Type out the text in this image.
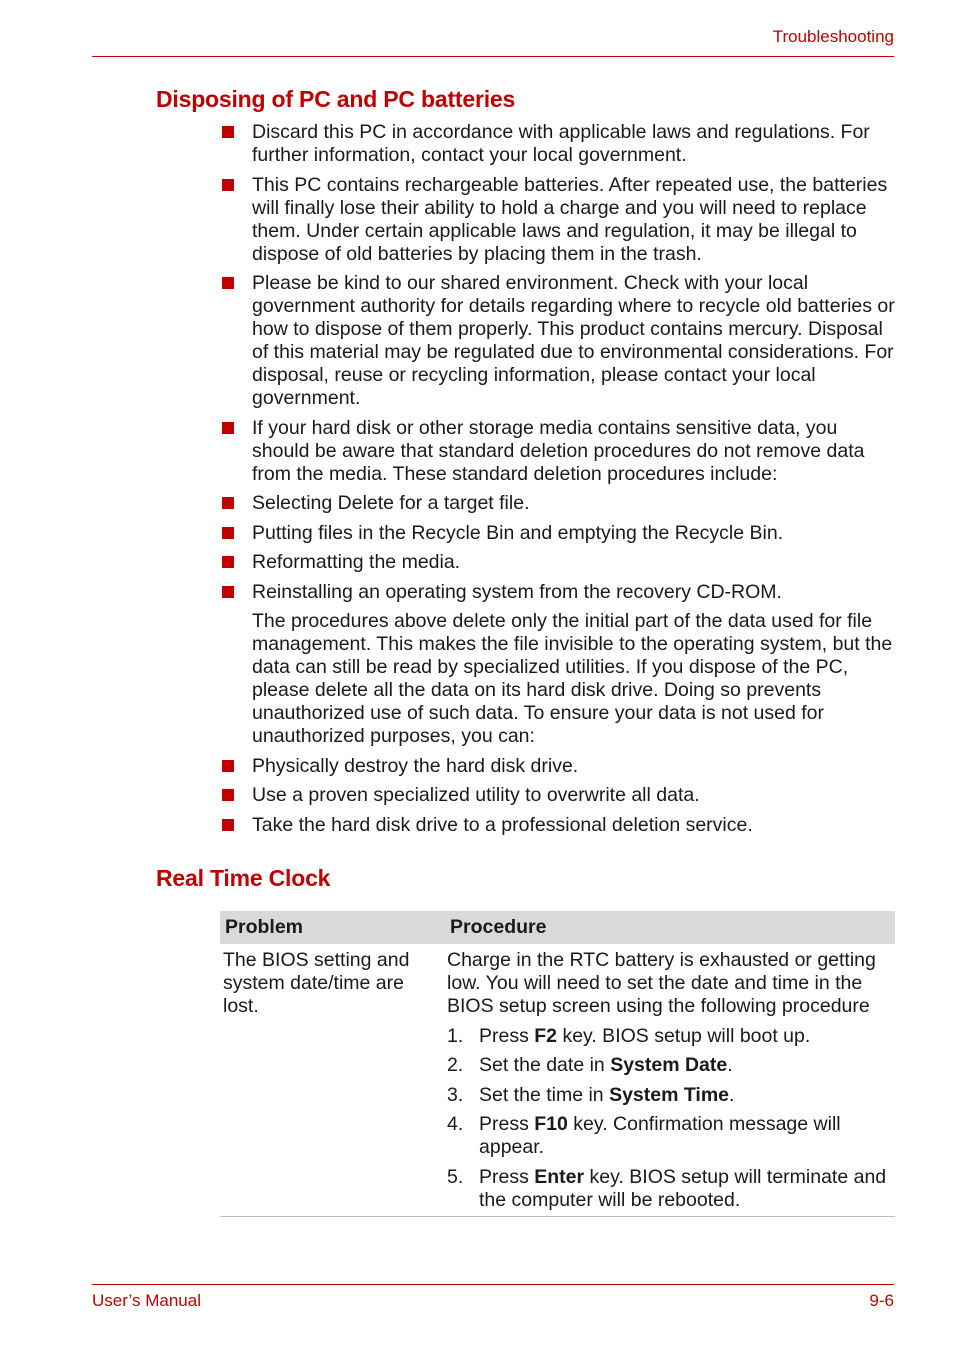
Troubleshooting
Disposing of PC and PC batteries
Discard this PC in accordance with applicable laws and regulations. For further information, contact your local government.
This PC contains rechargeable batteries. After repeated use, the batteries will finally lose their ability to hold a charge and you will need to replace them. Under certain applicable laws and regulation, it may be illegal to dispose of old batteries by placing them in the trash.
Please be kind to our shared environment. Check with your local government authority for details regarding where to recycle old batteries or how to dispose of them properly. This product contains mercury. Disposal of this material may be regulated due to environmental considerations. For disposal, reuse or recycling information, please contact your local government.
If your hard disk or other storage media contains sensitive data, you should be aware that standard deletion procedures do not remove data from the media. These standard deletion procedures include:
Selecting Delete for a target file.
Putting files in the Recycle Bin and emptying the Recycle Bin.
Reformatting the media.
Reinstalling an operating system from the recovery CD-ROM.
The procedures above delete only the initial part of the data used for file management. This makes the file invisible to the operating system, but the data can still be read by specialized utilities. If you dispose of the PC, please delete all the data on its hard disk drive. Doing so prevents unauthorized use of such data. To ensure your data is not used for unauthorized purposes, you can:
Physically destroy the hard disk drive.
Use a proven specialized utility to overwrite all data.
Take the hard disk drive to a professional deletion service.
Real Time Clock
Problem	Procedure
The BIOS setting and system date/time are lost.
Charge in the RTC battery is exhausted or getting low. You will need to set the date and time in the BIOS setup screen using the following procedure
1. Press F2 key. BIOS setup will boot up.
2. Set the date in System Date.
3. Set the time in System Time.
4. Press F10 key. Confirmation message will appear.
5. Press Enter key. BIOS setup will terminate and the computer will be rebooted.
User’s Manual	9-6
